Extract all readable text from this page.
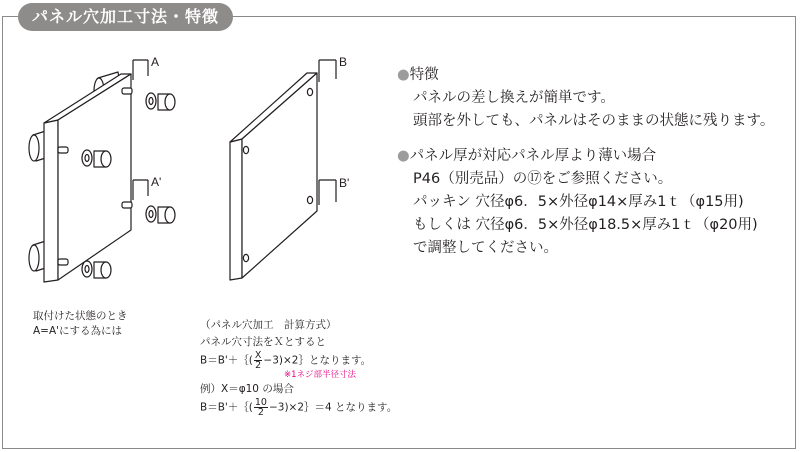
パネル穴加工寸法・特徴
A
A'
B
B'
取付けた状態のとき
A=A'にする為には	（パネル穴加工　計算方式）
パネル穴寸法をＸとすると
B＝B'＋｛( $\frac{X}{2}$ −3)×2｝となります。
※1ネジ部半径寸法
例）X＝φ10 の場合
B＝B'＋｛( $\frac{10}{2}$ −3)×2｝＝4 となります。
●特徴
パネルの差し換えが簡単です。
頭部を外しても、パネルはそのままの状態に残ります。
●パネル厚が対応パネル厚より薄い場合
P46（別売品）の⑰をご参照ください。
パッキン 穴径φ6．5×外径φ14×厚み1ｔ（φ15用)
もしくは 穴径φ6．5×外径φ18.5×厚み1ｔ（φ20用)
で調整してください。
